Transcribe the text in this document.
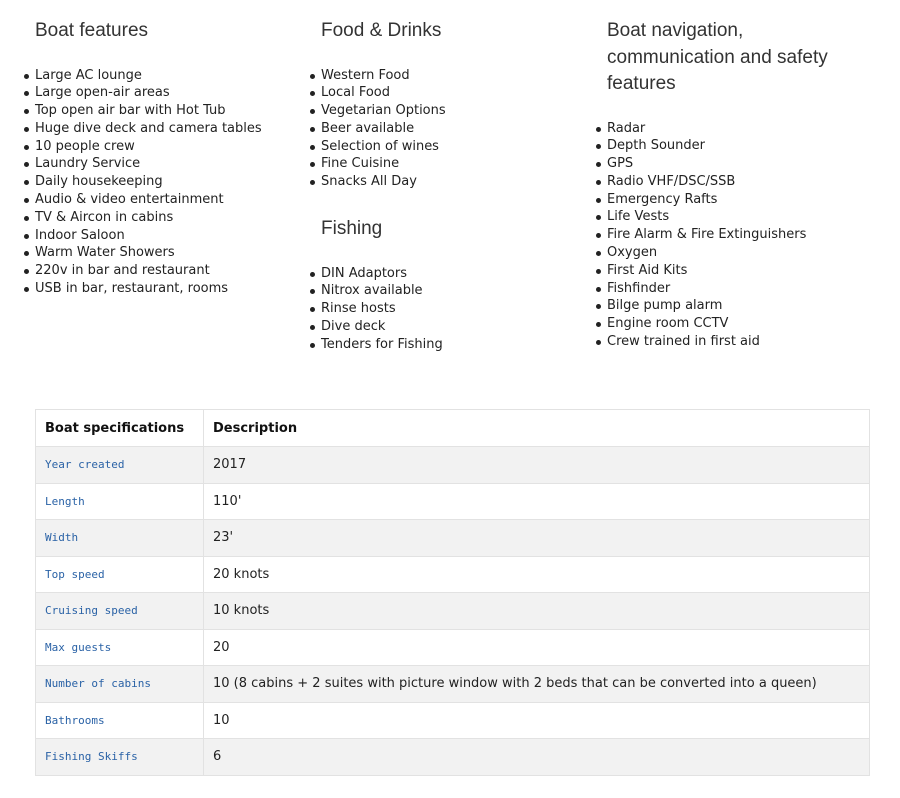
Boat features
Large AC lounge
Large open-air areas
Top open air bar with Hot Tub
Huge dive deck and camera tables
10 people crew
Laundry Service
Daily housekeeping
Audio & video entertainment
TV & Aircon in cabins
Indoor Saloon
Warm Water Showers
220v in bar and restaurant
USB in bar, restaurant, rooms
Food & Drinks
Western Food
Local Food
Vegetarian Options
Beer available
Selection of wines
Fine Cuisine
Snacks All Day
Fishing
DIN Adaptors
Nitrox available
Rinse hosts
Dive deck
Tenders for Fishing
Boat navigation,
communication and safety
features
Radar
Depth Sounder
GPS
Radio VHF/DSC/SSB
Emergency Rafts
Life Vests
Fire Alarm & Fire Extinguishers
Oxygen
First Aid Kits
Fishfinder
Bilge pump alarm
Engine room CCTV
Crew trained in first aid
Boat specifications	Description
Year created	2017
Length	110'
Width	23'
Top speed	20 knots
Cruising speed	10 knots
Max guests	20
Number of cabins	10 (8 cabins + 2 suites with picture window with 2 beds that can be converted into a queen)
Bathrooms	10
Fishing Skiffs	6
